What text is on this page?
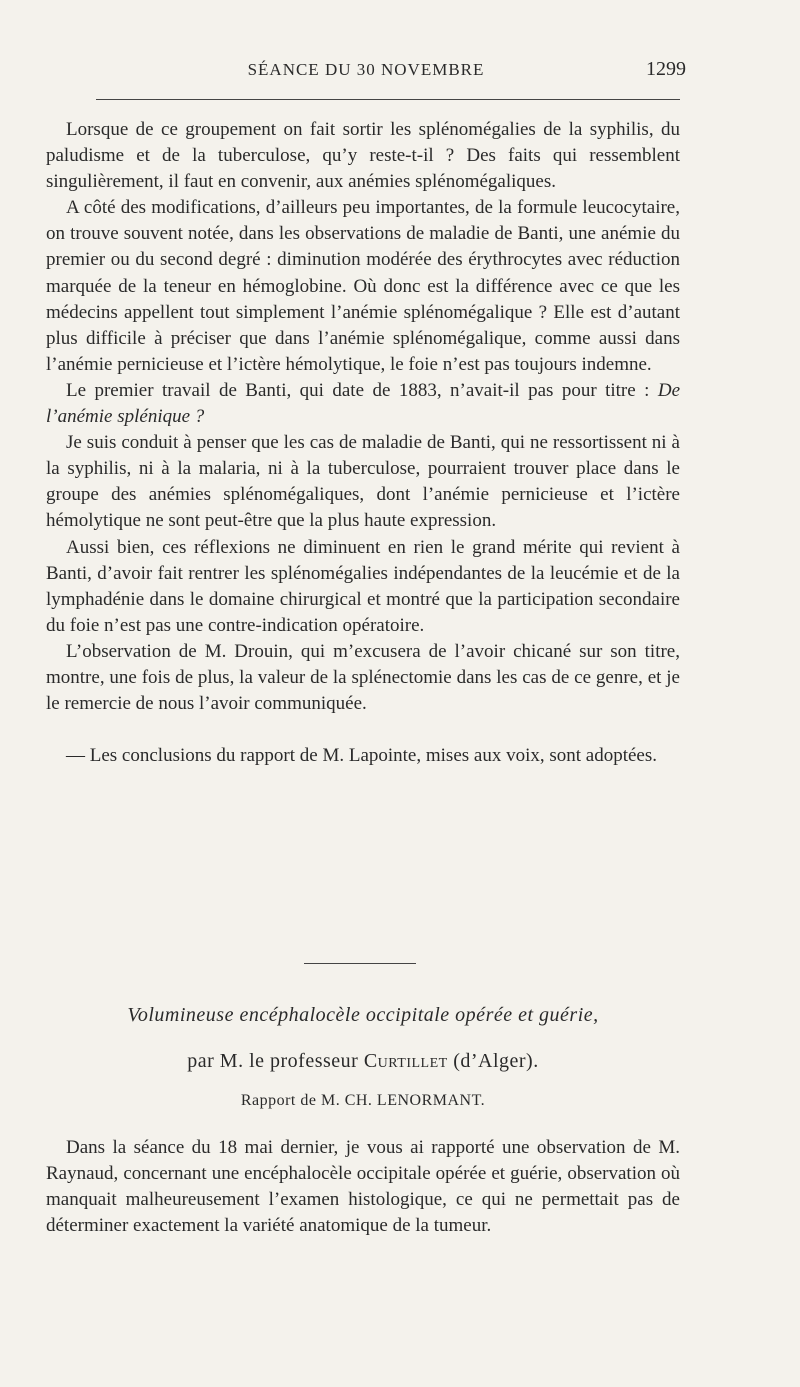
SÉANCE DU 30 NOVEMBRE	1299

Lorsque de ce groupement on fait sortir les splénomégalies de la syphilis, du paludisme et de la tuberculose, qu’y reste-t-il ? Des faits qui ressemblent singulièrement, il faut en convenir, aux anémies splénomégaliques.

A côté des modifications, d’ailleurs peu importantes, de la formule leucocytaire, on trouve souvent notée, dans les observations de maladie de Banti, une anémie du premier ou du second degré : diminution modérée des érythrocytes avec réduction marquée de la teneur en hémoglobine. Où donc est la différence avec ce que les médecins appellent tout simplement l’anémie splénomégalique ? Elle est d’autant plus difficile à préciser que dans l’anémie splénomégalique, comme aussi dans l’anémie pernicieuse et l’ictère hémolytique, le foie n’est pas toujours indemne.

Le premier travail de Banti, qui date de 1883, n’avait-il pas pour titre : De l’anémie splénique ?

Je suis conduit à penser que les cas de maladie de Banti, qui ne ressortissent ni à la syphilis, ni à la malaria, ni à la tuberculose, pourraient trouver place dans le groupe des anémies splénomégaliques, dont l’anémie pernicieuse et l’ictère hémolytique ne sont peut-être que la plus haute expression.

Aussi bien, ces réflexions ne diminuent en rien le grand mérite qui revient à Banti, d’avoir fait rentrer les splénomégalies indépendantes de la leucémie et de la lymphadénie dans le domaine chirurgical et montré que la participation secondaire du foie n’est pas une contre-indication opératoire.

L’observation de M. Drouin, qui m’excusera de l’avoir chicané sur son titre, montre, une fois de plus, la valeur de la splénectomie dans les cas de ce genre, et je le remercie de nous l’avoir communiquée.

— Les conclusions du rapport de M. Lapointe, mises aux voix, sont adoptées.

Volumineuse encéphalocèle occipitale opérée et guérie,
par M. le professeur Curtillet (d’Alger).
Rapport de M. CH. LENORMANT.

Dans la séance du 18 mai dernier, je vous ai rapporté une observation de M. Raynaud, concernant une encéphalocèle occipitale opérée et guérie, observation où manquait malheureusement l’examen histologique, ce qui ne permettait pas de déterminer exactement la variété anatomique de la tumeur.
